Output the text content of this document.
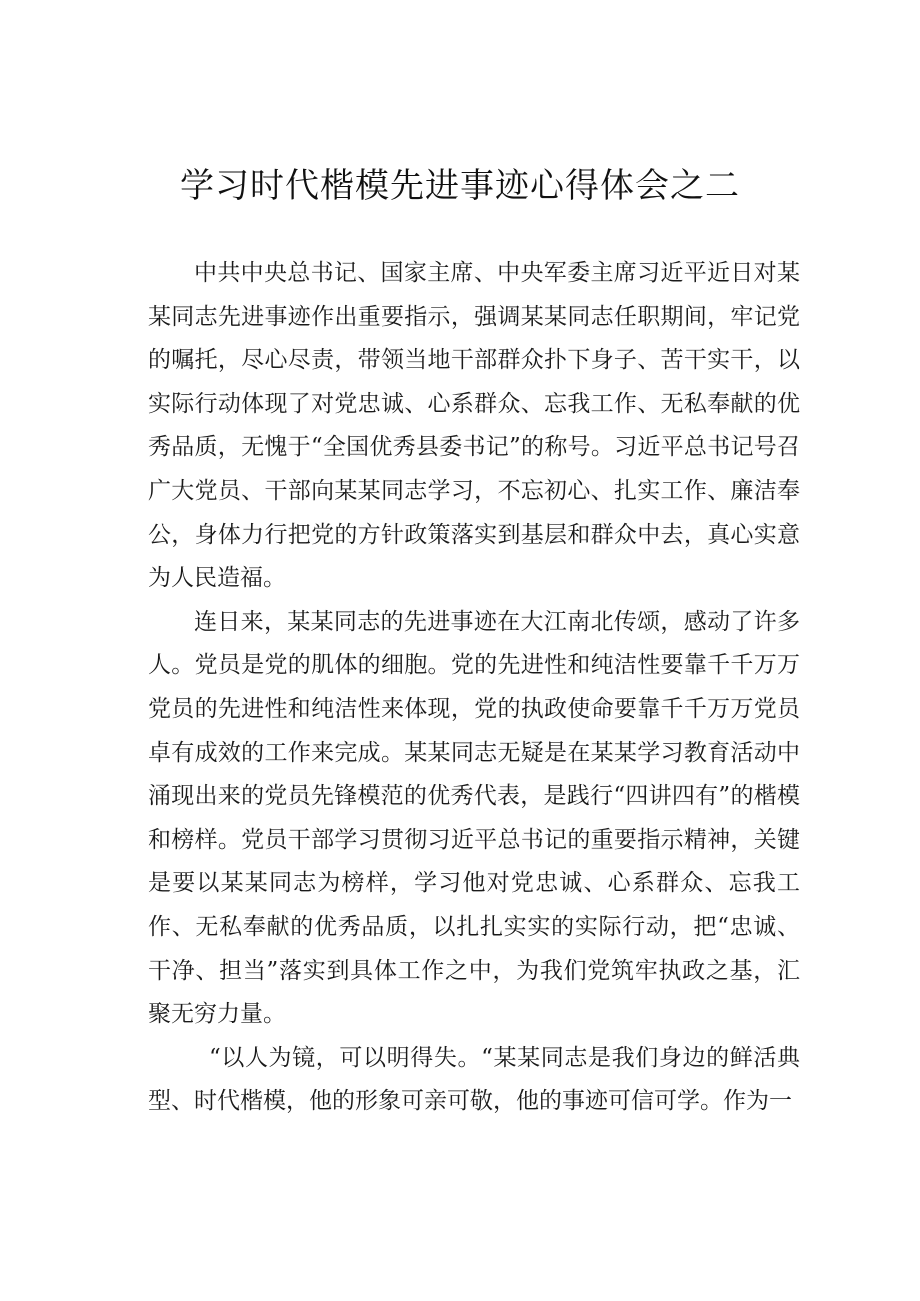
学习时代楷模先进事迹心得体会之二

中共中央总书记、国家主席、中央军委主席习近平近日对某某同志先进事迹作出重要指示，强调某某同志任职期间，牢记党的嘱托，尽心尽责，带领当地干部群众扑下身子、苦干实干，以实际行动体现了对党忠诚、心系群众、忘我工作、无私奉献的优秀品质，无愧于“全国优秀县委书记”的称号。习近平总书记号召广大党员、干部向某某同志学习，不忘初心、扎实工作、廉洁奉公，身体力行把党的方针政策落实到基层和群众中去，真心实意为人民造福。

连日来，某某同志的先进事迹在大江南北传颂，感动了许多人。党员是党的肌体的细胞。党的先进性和纯洁性要靠千千万万党员的先进性和纯洁性来体现，党的执政使命要靠千千万万党员卓有成效的工作来完成。某某同志无疑是在某某学习教育活动中涌现出来的党员先锋模范的优秀代表，是践行“四讲四有”的楷模和榜样。党员干部学习贯彻习近平总书记的重要指示精神，关键是要以某某同志为榜样，学习他对党忠诚、心系群众、忘我工作、无私奉献的优秀品质，以扎扎实实的实际行动，把“忠诚、干净、担当”落实到具体工作之中，为我们党筑牢执政之基，汇聚无穷力量。

“以人为镜，可以明得失。“某某同志是我们身边的鲜活典型、时代楷模，他的形象可亲可敬，他的事迹可信可学。作为一
